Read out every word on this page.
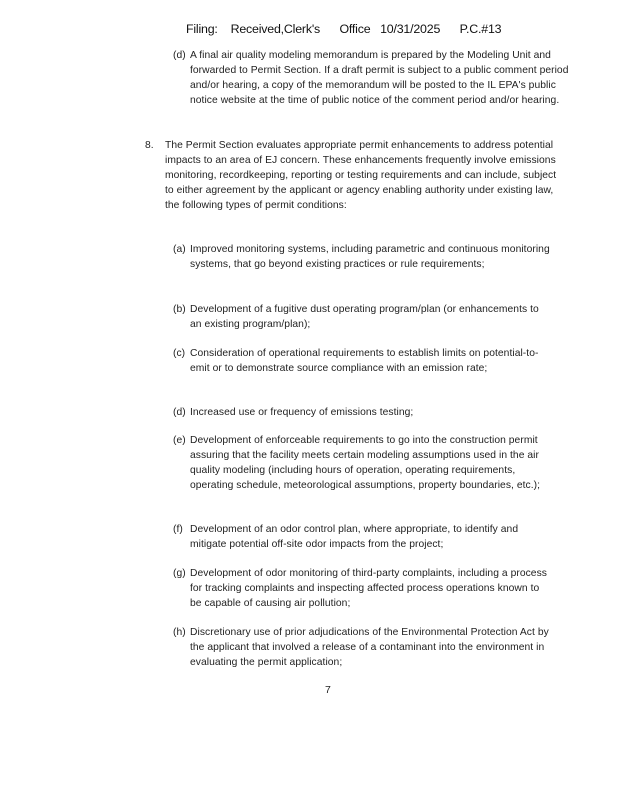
Filing:    Received,Clerk's      Office   10/31/2025      P.C.#13
(d) A final air quality modeling memorandum is prepared by the Modeling Unit and forwarded to Permit Section. If a draft permit is subject to a public comment period and/or hearing, a copy of the memorandum will be posted to the IL EPA's public notice website at the time of public notice of the comment period and/or hearing.
8.	The Permit Section evaluates appropriate permit enhancements to address potential impacts to an area of EJ concern. These enhancements frequently involve emissions monitoring, recordkeeping, reporting or testing requirements and can include, subject to either agreement by the applicant or agency enabling authority under existing law, the following types of permit conditions:
(a) Improved monitoring systems, including parametric and continuous monitoring systems, that go beyond existing practices or rule requirements;
(b) Development of a fugitive dust operating program/plan (or enhancements to an existing program/plan);
(c) Consideration of operational requirements to establish limits on potential-to-emit or to demonstrate source compliance with an emission rate;
(d) Increased use or frequency of emissions testing;
(e) Development of enforceable requirements to go into the construction permit assuring that the facility meets certain modeling assumptions used in the air quality modeling (including hours of operation, operating requirements, operating schedule, meteorological assumptions, property boundaries, etc.);
(f) Development of an odor control plan, where appropriate, to identify and mitigate potential off-site odor impacts from the project;
(g) Development of odor monitoring of third-party complaints, including a process for tracking complaints and inspecting affected process operations known to be capable of causing air pollution;
(h) Discretionary use of prior adjudications of the Environmental Protection Act by the applicant that involved a release of a contaminant into the environment in evaluating the permit application;
7
